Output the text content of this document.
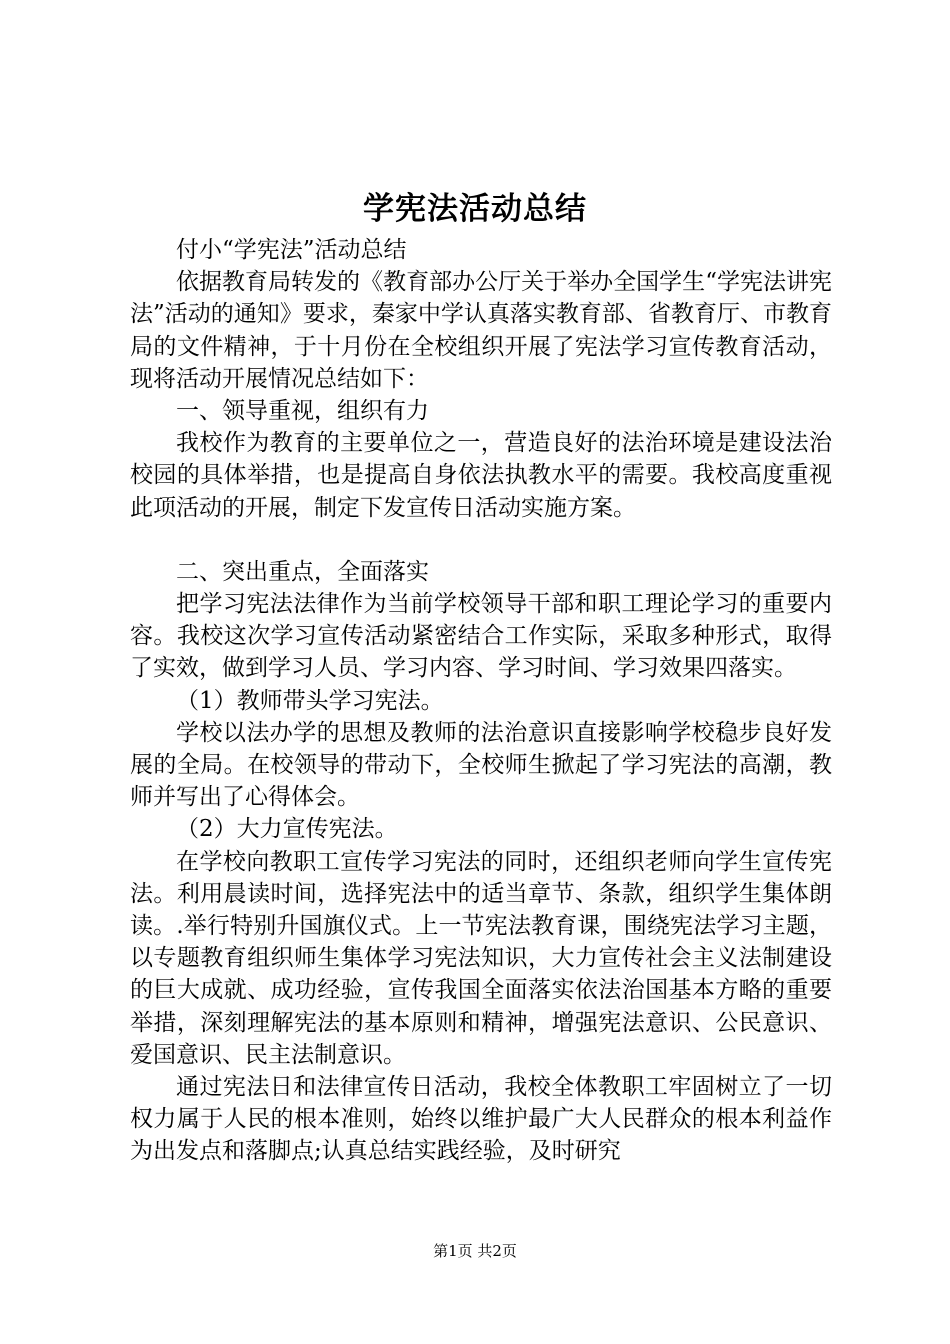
学宪法活动总结

付小“学宪法”活动总结

依据教育局转发的《教育部办公厅关于举办全国学生“学宪法讲宪法”活动的通知》要求，秦家中学认真落实教育部、省教育厅、市教育局的文件精神，于十月份在全校组织开展了宪法学习宣传教育活动，现将活动开展情况总结如下：

一、领导重视，组织有力

我校作为教育的主要单位之一，营造良好的法治环境是建设法治校园的具体举措，也是提高自身依法执教水平的需要。我校高度重视此项活动的开展，制定下发宣传日活动实施方案。

二、突出重点，全面落实

把学习宪法法律作为当前学校领导干部和职工理论学习的重要内容。我校这次学习宣传活动紧密结合工作实际，采取多种形式，取得了实效，做到学习人员、学习内容、学习时间、学习效果四落实。

（1）教师带头学习宪法。

学校以法办学的思想及教师的法治意识直接影响学校稳步良好发展的全局。在校领导的带动下，全校师生掀起了学习宪法的高潮，教师并写出了心得体会。

（2）大力宣传宪法。

在学校向教职工宣传学习宪法的同时，还组织老师向学生宣传宪法。利用晨读时间，选择宪法中的适当章节、条款，组织学生集体朗读。.举行特别升国旗仪式。上一节宪法教育课，围绕宪法学习主题，以专题教育组织师生集体学习宪法知识，大力宣传社会主义法制建设的巨大成就、成功经验，宣传我国全面落实依法治国基本方略的重要举措，深刻理解宪法的基本原则和精神，增强宪法意识、公民意识、爱国意识、民主法制意识。

通过宪法日和法律宣传日活动，我校全体教职工牢固树立了一切权力属于人民的根本准则，始终以维护最广大人民群众的根本利益作为出发点和落脚点;认真总结实践经验，及时研究

第1页 共2页
